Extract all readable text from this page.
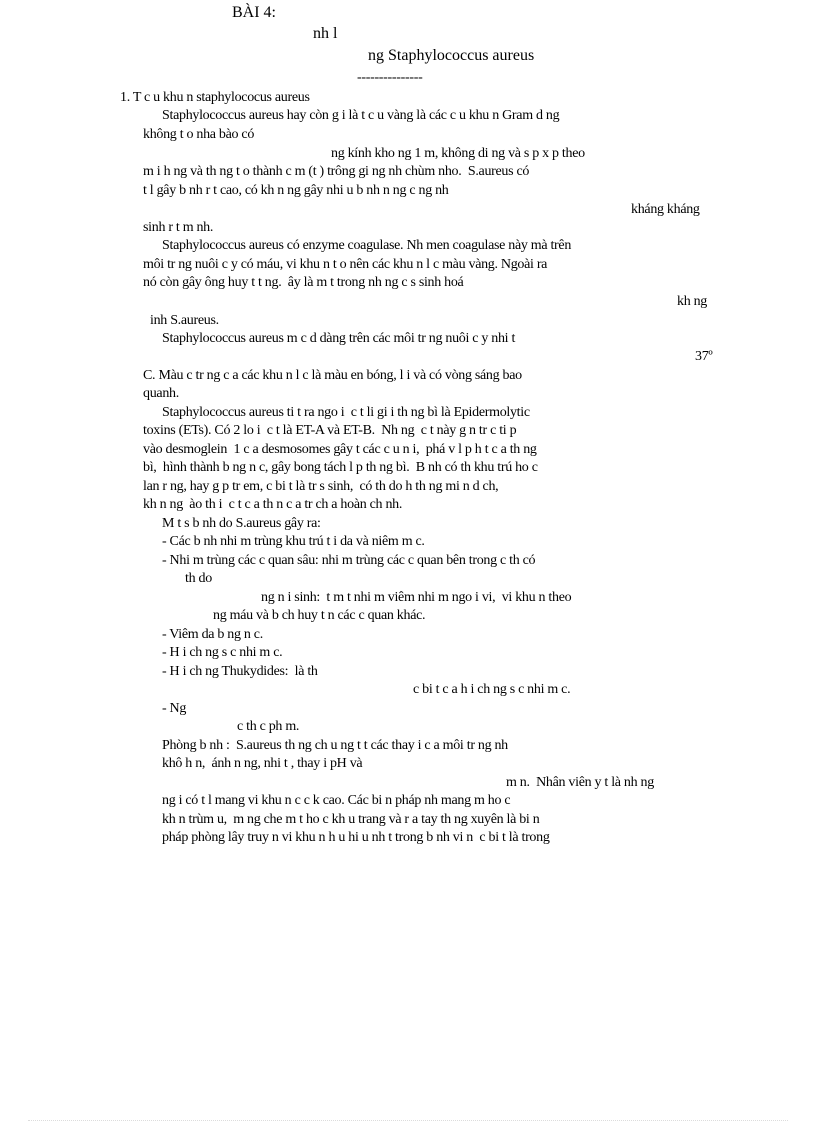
BÀI 4:
nh l
ng Staphylococcus aureus
---------------
1. T c u khu n staphylococus aureus
Staphylococcus aureus hay còn g i là t c u vàng là các c u khu n Gram d ng
không t o nha bào có
ng kính kho ng 1 m, không di ng và s p x p theo
m i h ng và th ng t o thành c m (t ) trông gi ng nh chùm nho.  S.aureus có
t l gây b nh r t cao, có kh n ng gây nhi u b nh n ng c ng nh
kháng kháng
sinh r t m nh.
Staphylococcus aureus có enzyme coagulase. Nh men coagulase này mà trên
môi tr ng nuôi c y có máu, vi khu n t o nên các khu n l c màu vàng. Ngoài ra
nó còn gây ông huy t t ng.  ây là m t trong nh ng c s sinh hoá
kh ng
inh S.aureus.
Staphylococcus aureus m c d dàng trên các môi tr ng nuôi c y nhi t
37º
C. Màu c tr ng c a các khu n l c là màu en bóng, l i và có vòng sáng bao
quanh.
Staphylococcus aureus ti t ra ngo i  c t li gi i th ng bì là Epidermolytic
toxins (ETs). Có 2 lo i  c t là ET-A và ET-B.  Nh ng  c t này g n tr c ti p
vào desmoglein  1 c a desmosomes gây t các c u n i,  phá v l p h t c a th ng
bì,  hình thành b ng n c, gây bong tách l p th ng bì.  B nh có th khu trú ho c
lan r ng, hay g p tr em, c bi t là tr s sinh,  có th do h th ng mi n d ch,
kh n ng  ào th i  c t c a th n c a tr ch a hoàn ch nh.
M t s b nh do S.aureus gây ra:
- Các b nh nhi m trùng khu trú t i da và niêm m c.
- Nhi m trùng các c quan sâu: nhi m trùng các c quan bên trong c th có
th do
ng n i sinh:  t m t nhi m viêm nhi m ngo i vi,  vi khu n theo
ng máu và b ch huy t n các c quan khác.
- Viêm da b ng n c.
- H i ch ng s c nhi m c.
- H i ch ng Thukydides:  là th
c bi t c a h i ch ng s c nhi m c.
- Ng
c th c ph m.
Phòng b nh :  S.aureus th ng ch u ng t t các thay i c a môi tr ng nh
khô h n,  ánh n ng, nhi t , thay i pH và
m n.  Nhân viên y t là nh ng
ng i có t l mang vi khu n c c k cao. Các bi n pháp nh mang m ho c
kh n trùm u,  m ng che m t ho c kh u trang và r a tay th ng xuyên là bi n
pháp phòng lây truy n vi khu n h u hi u nh t trong b nh vi n  c bi t là trong
